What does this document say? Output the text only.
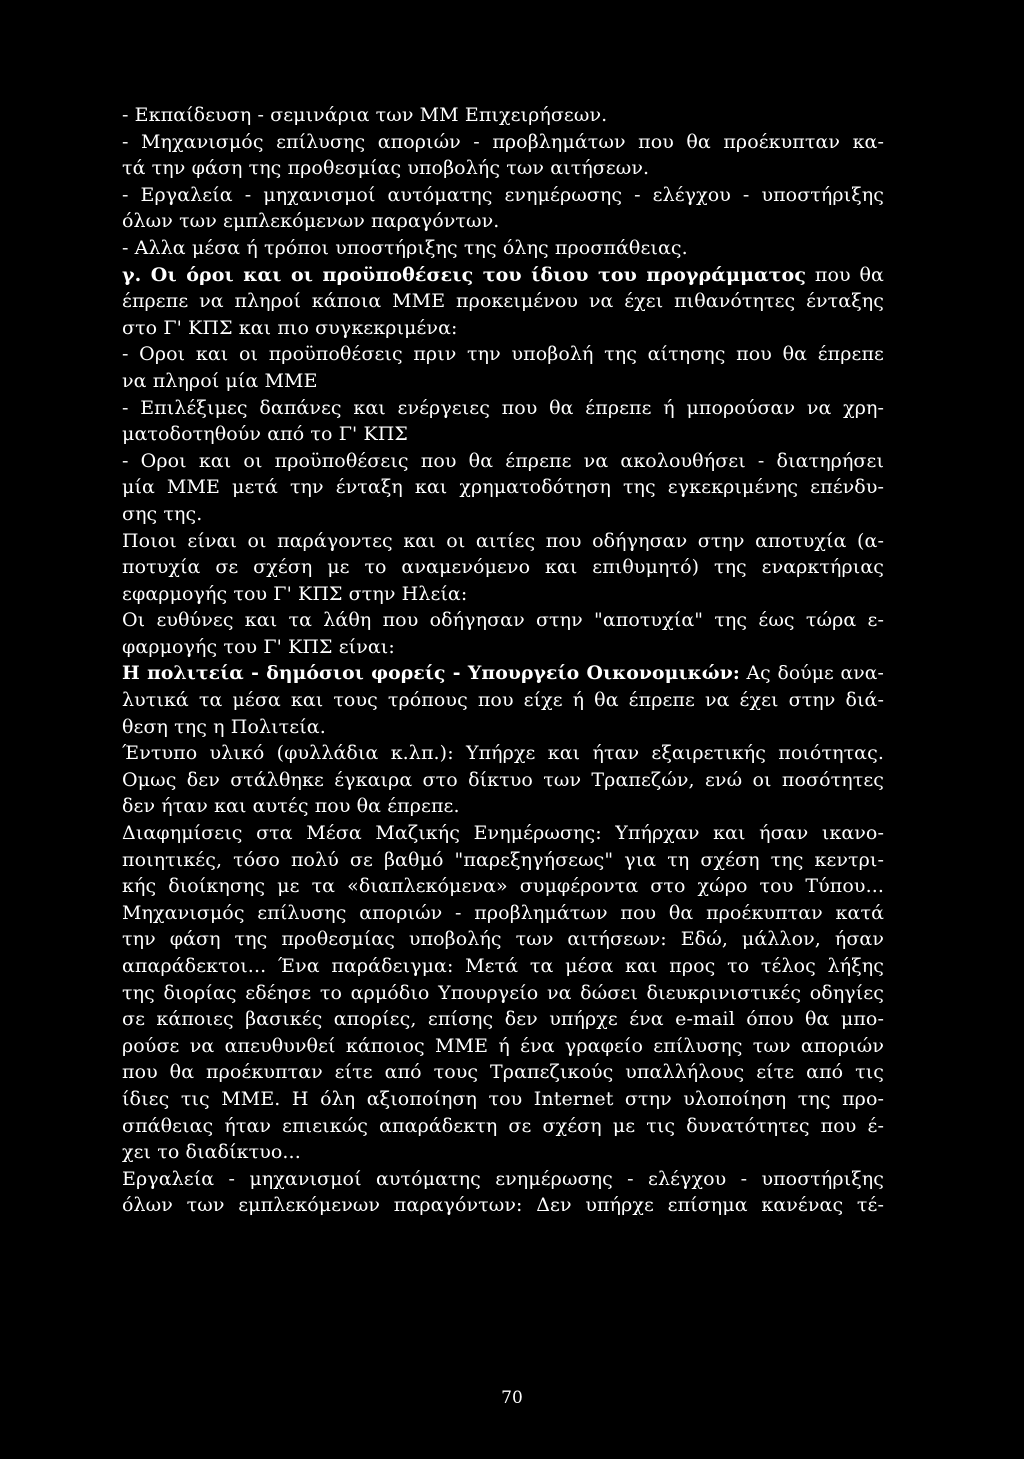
- Εκπαίδευση - σεμινάρια των ΜΜ Επιχειρήσεων.
- Μηχανισμός επίλυσης αποριών - προβλημάτων που θα προέκυπταν κα-
τά την φάση της προθεσμίας υποβολής των αιτήσεων.
- Εργαλεία - μηχανισμοί αυτόματης ενημέρωσης - ελέγχου - υποστήριξης
όλων των εμπλεκόμενων παραγόντων.
- Αλλα μέσα ή τρόποι υποστήριξης της όλης προσπάθειας.
γ. Οι όροι και οι προϋποθέσεις του ίδιου του προγράμματος που θα
έπρεπε να πληροί κάποια ΜΜΕ προκειμένου να έχει πιθανότητες ένταξης
στο Γ' ΚΠΣ και πιο συγκεκριμένα:
- Οροι και οι προϋποθέσεις πριν την υποβολή της αίτησης που θα έπρεπε
να πληροί μία ΜΜΕ
- Επιλέξιμες δαπάνες και ενέργειες που θα έπρεπε ή μπορούσαν να χρη-
ματοδοτηθούν από το Γ' ΚΠΣ
- Οροι και οι προϋποθέσεις που θα έπρεπε να ακολουθήσει - διατηρήσει
μία ΜΜΕ μετά την ένταξη και χρηματοδότηση της εγκεκριμένης επένδυ-
σης της.
Ποιοι είναι οι παράγοντες και οι αιτίες που οδήγησαν στην αποτυχία (α-
ποτυχία σε σχέση με το αναμενόμενο και επιθυμητό) της εναρκτήριας
εφαρμογής του Γ' ΚΠΣ στην Ηλεία:
Οι ευθύνες και τα λάθη που οδήγησαν στην "αποτυχία" της έως τώρα ε-
φαρμογής του Γ' ΚΠΣ είναι:
Η πολιτεία - δημόσιοι φορείς - Υπουργείο Οικονομικών: Ας δούμε ανα-
λυτικά τα μέσα και τους τρόπους που είχε ή θα έπρεπε να έχει στην διά-
θεση της η Πολιτεία.
Έντυπο υλικό (φυλλάδια κ.λπ.): Υπήρχε και ήταν εξαιρετικής ποιότητας.
Ομως δεν στάλθηκε έγκαιρα στο δίκτυο των Τραπεζών, ενώ οι ποσότητες
δεν ήταν και αυτές που θα έπρεπε.
Διαφημίσεις στα Μέσα Μαζικής Ενημέρωσης: Υπήρχαν και ήσαν ικανο-
ποιητικές, τόσο πολύ σε βαθμό "παρεξηγήσεως" για τη σχέση της κεντρι-
κής διοίκησης με τα «διαπλεκόμενα» συμφέροντα στο χώρο του Τύπου...
Μηχανισμός επίλυσης αποριών - προβλημάτων που θα προέκυπταν κατά
την φάση της προθεσμίας υποβολής των αιτήσεων: Εδώ, μάλλον, ήσαν
απαράδεκτοι... Ένα παράδειγμα: Μετά τα μέσα και προς το τέλος λήξης
της διορίας εδέησε το αρμόδιο Υπουργείο να δώσει διευκρινιστικές οδηγίες
σε κάποιες βασικές απορίες, επίσης δεν υπήρχε ένα e-mail όπου θα μπο-
ρούσε να απευθυνθεί κάποιος ΜΜΕ ή ένα γραφείο επίλυσης των αποριών
που θα προέκυπταν είτε από τους Τραπεζικούς υπαλλήλους είτε από τις
ίδιες τις ΜΜΕ. Η όλη αξιοποίηση του Internet στην υλοποίηση της προ-
σπάθειας ήταν επιεικώς απαράδεκτη σε σχέση με τις δυνατότητες που έ-
χει το διαδίκτυο...
Εργαλεία - μηχανισμοί αυτόματης ενημέρωσης - ελέγχου - υποστήριξης
όλων των εμπλεκόμενων παραγόντων: Δεν υπήρχε επίσημα κανένας τέ-
70
